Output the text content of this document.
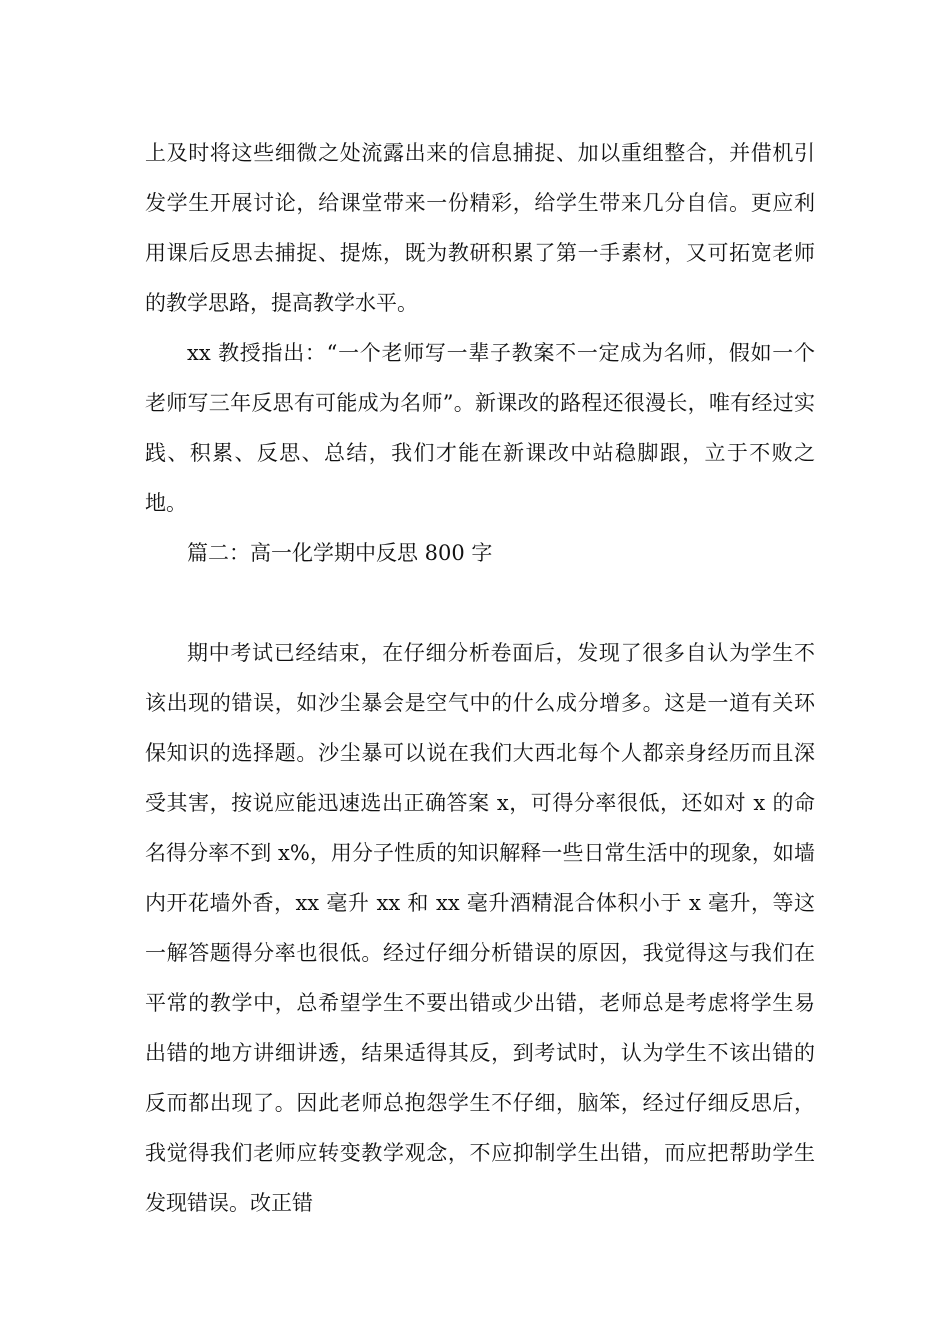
上及时将这些细微之处流露出来的信息捕捉、加以重组整合，并借机引发学生开展讨论，给课堂带来一份精彩，给学生带来几分自信。更应利用课后反思去捕捉、提炼，既为教研积累了第一手素材，又可拓宽老师的教学思路，提高教学水平。

xx 教授指出：“一个老师写一辈子教案不一定成为名师，假如一个老师写三年反思有可能成为名师”。新课改的路程还很漫长，唯有经过实践、积累、反思、总结，我们才能在新课改中站稳脚跟，立于不败之地。

篇二：高一化学期中反思 800 字

期中考试已经结束，在仔细分析卷面后，发现了很多自认为学生不该出现的错误，如沙尘暴会是空气中的什么成分增多。这是一道有关环保知识的选择题。沙尘暴可以说在我们大西北每个人都亲身经历而且深受其害，按说应能迅速选出正确答案 x，可得分率很低，还如对 x 的命名得分率不到 x%，用分子性质的知识解释一些日常生活中的现象，如墙内开花墙外香，xx 毫升 xx 和 xx 毫升酒精混合体积小于 x 毫升，等这一解答题得分率也很低。经过仔细分析错误的原因，我觉得这与我们在平常的教学中，总希望学生不要出错或少出错，老师总是考虑将学生易出错的地方讲细讲透，结果适得其反，到考试时，认为学生不该出错的反而都出现了。因此老师总抱怨学生不仔细，脑笨，经过仔细反思后，我觉得我们老师应转变教学观念，不应抑制学生出错，而应把帮助学生发现错误。改正错
